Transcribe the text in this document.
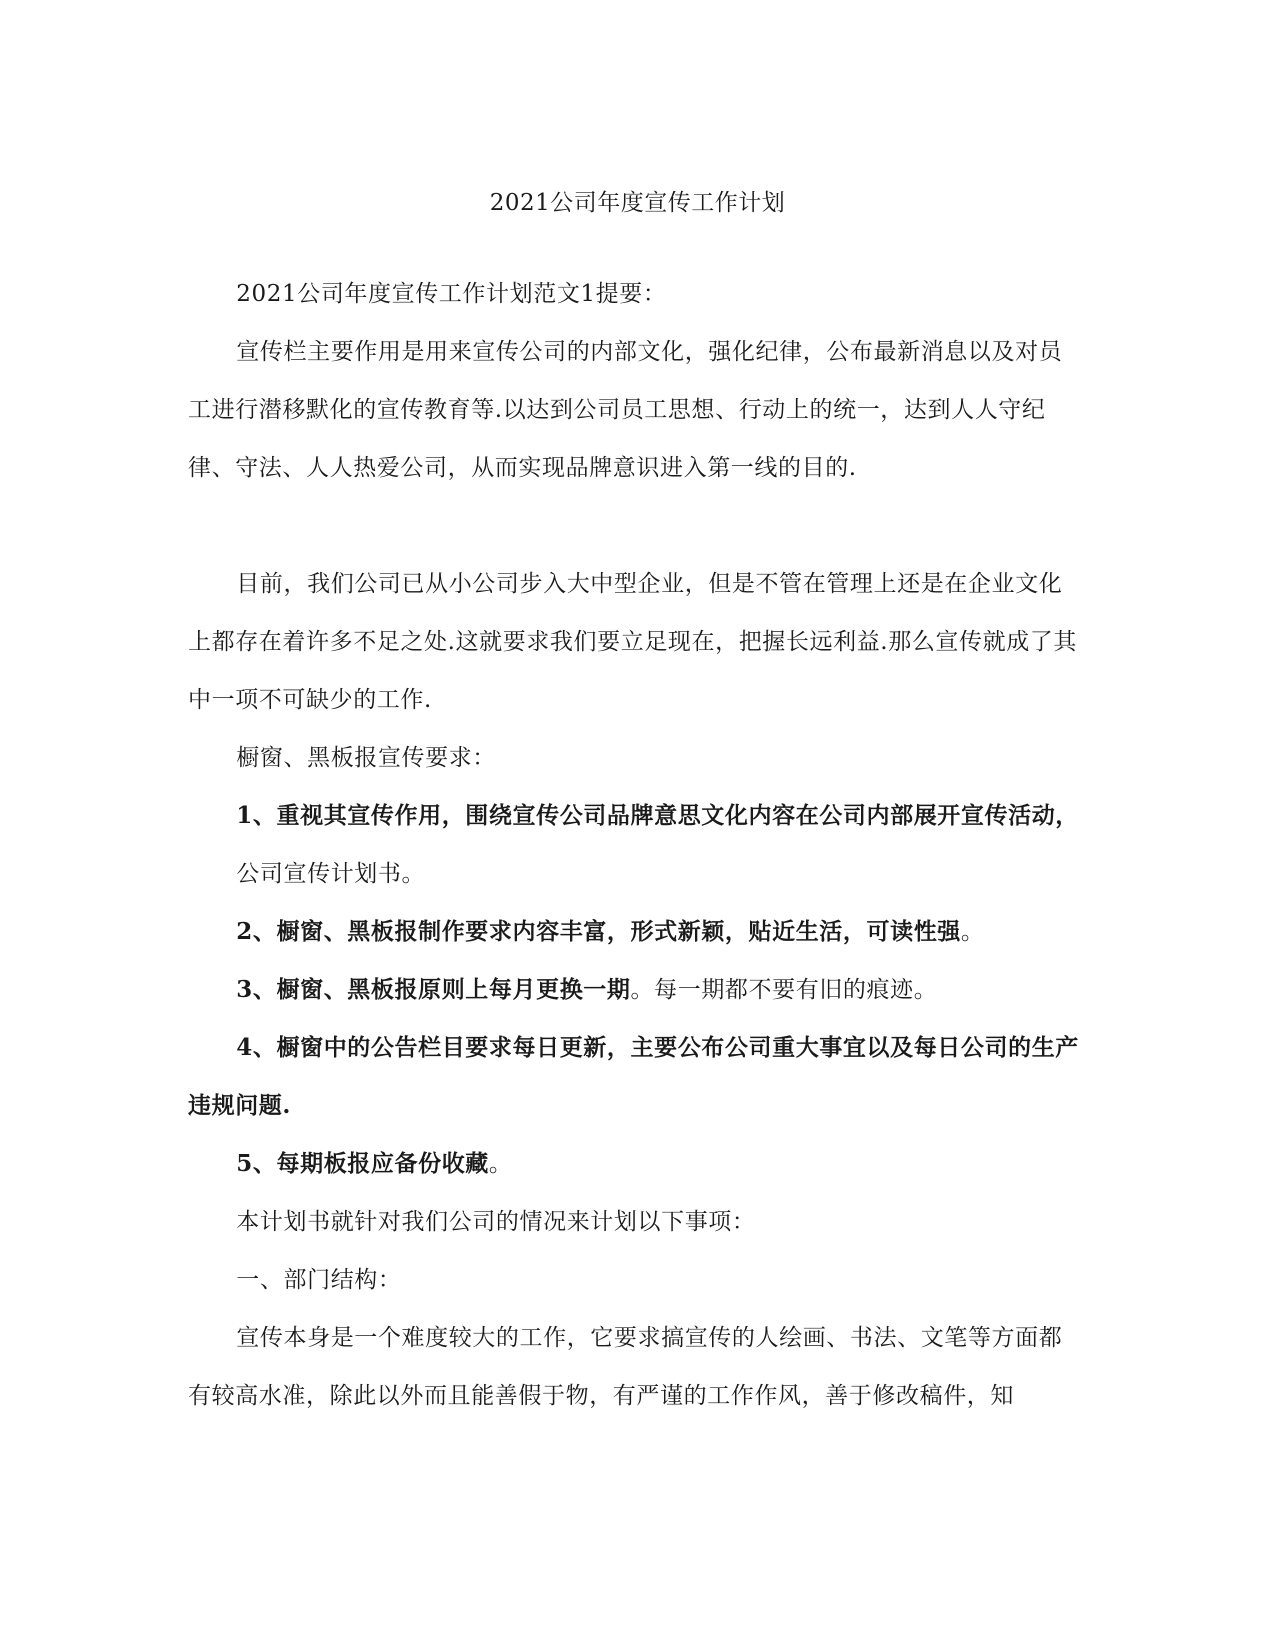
2021公司年度宣传工作计划

2021公司年度宣传工作计划范文1提要：

宣传栏主要作用是用来宣传公司的内部文化，强化纪律，公布最新消息以及对员工进行潜移默化的宣传教育等.以达到公司员工思想、行动上的统一，达到人人守纪律、守法、人人热爱公司，从而实现品牌意识进入第一线的目的.

目前，我们公司已从小公司步入大中型企业，但是不管在管理上还是在企业文化上都存在着许多不足之处.这就要求我们要立足现在，把握长远利益.那么宣传就成了其中一项不可缺少的工作.

橱窗、黑板报宣传要求：

1、重视其宣传作用，围绕宣传公司品牌意思文化内容在公司内部展开宣传活动，

公司宣传计划书。

2、橱窗、黑板报制作要求内容丰富，形式新颖，贴近生活，可读性强。

3、橱窗、黑板报原则上每月更换一期。每一期都不要有旧的痕迹。

4、橱窗中的公告栏目要求每日更新，主要公布公司重大事宜以及每日公司的生产违规问题.

5、每期板报应备份收藏。

本计划书就针对我们公司的情况来计划以下事项：

一、部门结构：

宣传本身是一个难度较大的工作，它要求搞宣传的人绘画、书法、文笔等方面都有较高水准，除此以外而且能善假于物，有严谨的工作作风，善于修改稿件，知
